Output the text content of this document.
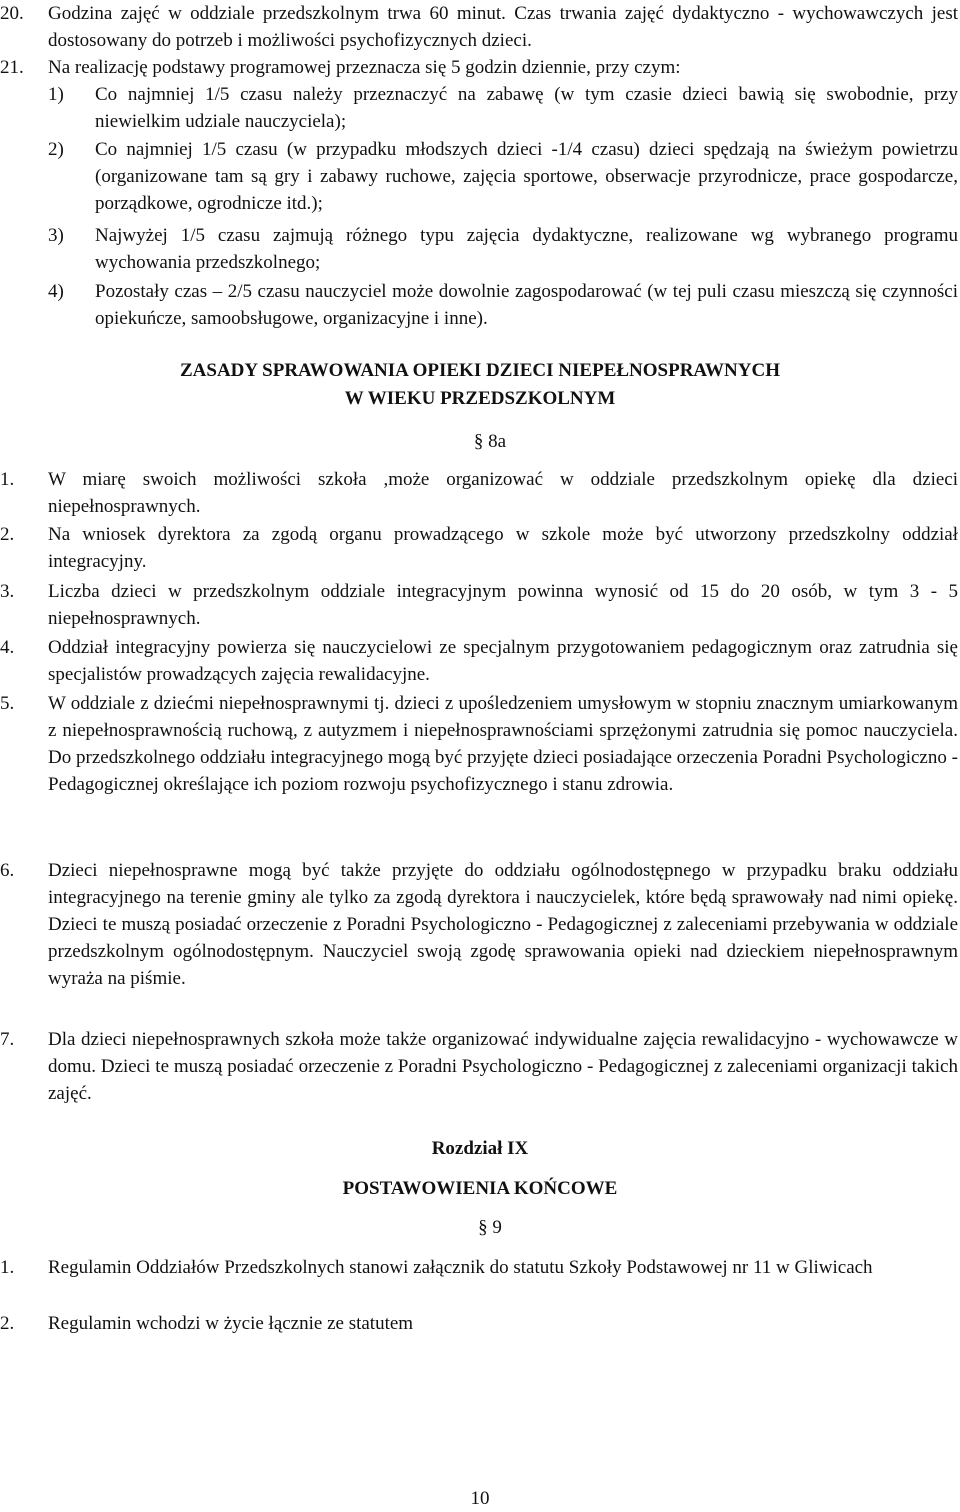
20. Godzina zajęć w oddziale przedszkolnym trwa 60 minut. Czas trwania zajęć dydaktyczno - wychowawczych jest dostosowany do potrzeb i możliwości psychofizycznych dzieci.
21. Na realizację podstawy programowej przeznacza się 5 godzin dziennie, przy czym:
1) Co najmniej 1/5 czasu należy przeznaczyć na zabawę (w tym czasie dzieci bawią się swobodnie, przy niewielkim udziale nauczyciela);
2) Co najmniej 1/5 czasu (w przypadku młodszych dzieci -1/4 czasu) dzieci spędzają na świeżym powietrzu (organizowane tam są gry i zabawy ruchowe, zajęcia sportowe, obserwacje przyrodnicze, prace gospodarcze, porządkowe, ogrodnicze itd.);
3) Najwyżej 1/5 czasu zajmują różnego typu zajęcia dydaktyczne, realizowane wg wybranego programu wychowania przedszkolnego;
4) Pozostały czas – 2/5 czasu nauczyciel może dowolnie zagospodarować (w tej puli czasu mieszczą się czynności opiekuńcze, samoobsługowe, organizacyjne i inne).
ZASADY SPRAWOWANIA OPIEKI DZIECI NIEPEŁNOSPRAWNYCH
W WIEKU PRZEDSZKOLNYM
§ 8a
1. W miarę swoich możliwości szkoła ,może organizować w oddziale przedszkolnym opiekę dla dzieci niepełnosprawnych.
2. Na wniosek dyrektora za zgodą organu prowadzącego w szkole może być utworzony przedszkolny oddział integracyjny.
3. Liczba dzieci w przedszkolnym oddziale integracyjnym powinna wynosić od 15 do 20 osób, w tym 3 - 5 niepełnosprawnych.
4. Oddział integracyjny powierza się nauczycielowi ze specjalnym przygotowaniem pedagogicznym oraz zatrudnia się specjalistów prowadzących zajęcia rewalidacyjne.
5. W oddziale z dziećmi niepełnosprawnymi tj. dzieci z upośledzeniem umysłowym w stopniu znacznym umiarkowanym z niepełnosprawnością ruchową, z autyzmem i niepełnosprawnościami sprzężonymi zatrudnia się pomoc nauczyciela. Do przedszkolnego oddziału integracyjnego mogą być przyjęte dzieci posiadające orzeczenia Poradni Psychologiczno - Pedagogicznej określające ich poziom rozwoju psychofizycznego i stanu zdrowia.
6. Dzieci niepełnosprawne mogą być także przyjęte do oddziału ogólnodostępnego w przypadku braku oddziału integracyjnego na terenie gminy ale tylko za zgodą dyrektora i nauczycielek, które będą sprawowały nad nimi opiekę. Dzieci te muszą posiadać orzeczenie z Poradni Psychologiczno - Pedagogicznej z zaleceniami przebywania w oddziale przedszkolnym ogólnodostępnym. Nauczyciel swoją zgodę sprawowania opieki nad dzieckiem niepełnosprawnym wyraża na piśmie.
7. Dla dzieci niepełnosprawnych szkoła może także organizować indywidualne zajęcia rewalidacyjno - wychowawcze w domu. Dzieci te muszą posiadać orzeczenie z Poradni Psychologiczno - Pedagogicznej z zaleceniami organizacji takich zajęć.
Rozdział IX
POSTAWOWIENIA KOŃCOWE
§ 9
1. Regulamin Oddziałów Przedszkolnych stanowi załącznik do statutu Szkoły Podstawowej nr 11 w Gliwicach
2. Regulamin wchodzi w życie łącznie ze statutem
10
